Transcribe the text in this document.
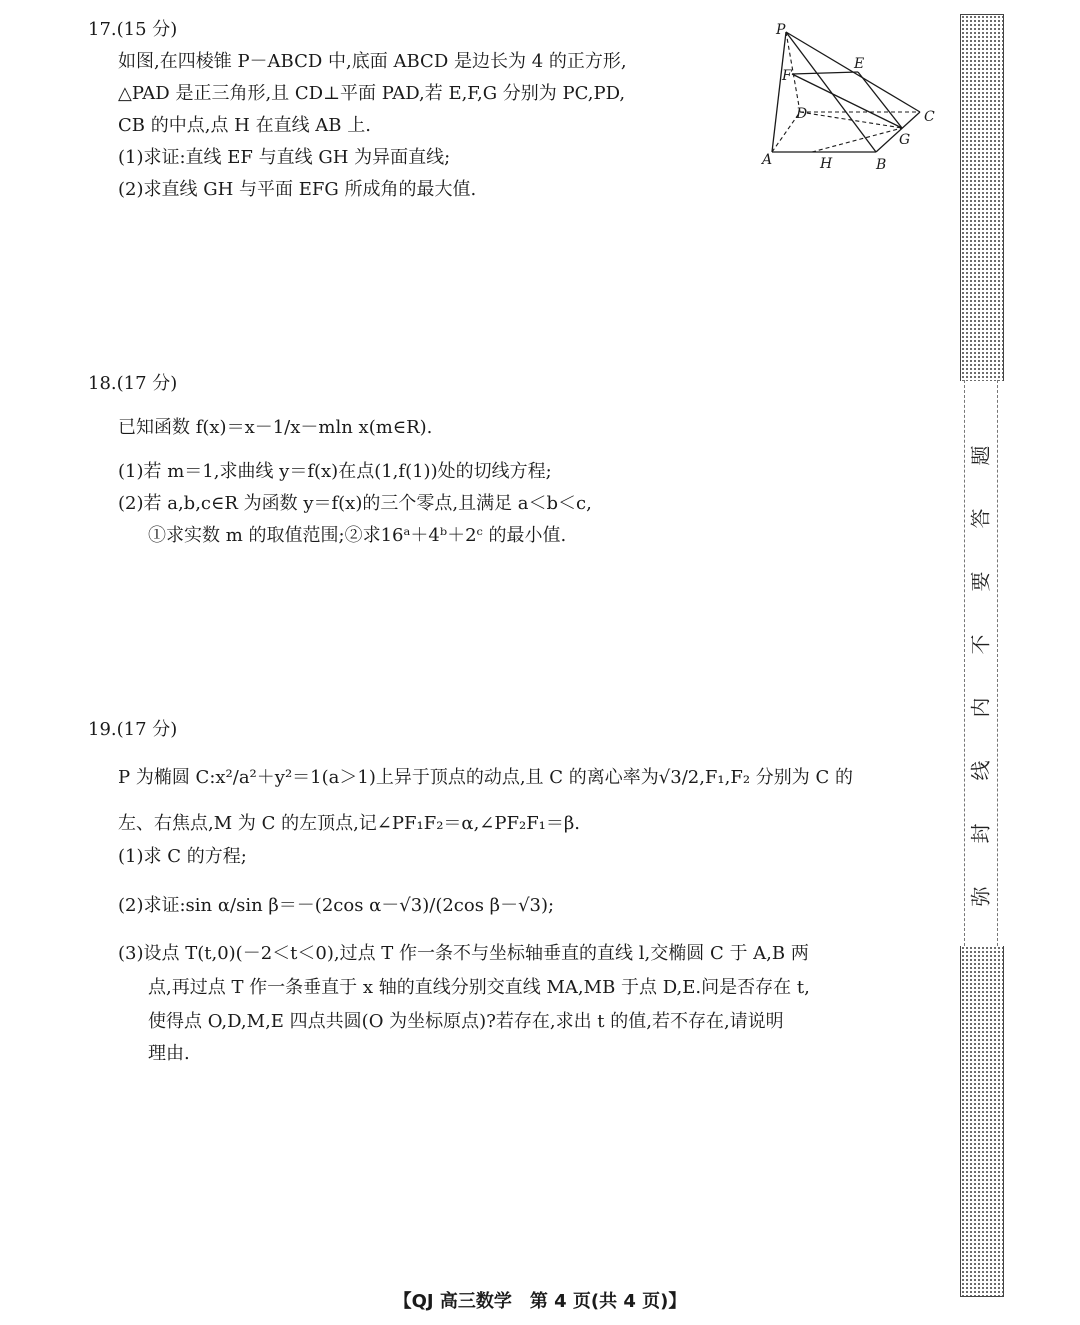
17.(15 分)
如图,在四棱锥 P－ABCD 中,底面 ABCD 是边长为 4 的正方形,
△PAD 是正三角形,且 CD⊥平面 PAD,若 E,F,G 分别为 PC,PD,
CB 的中点,点 H 在直线 AB 上.
(1)求证:直线 EF 与直线 GH 为异面直线;
(2)求直线 GH 与平面 EFG 所成角的最大值.
P
E
F
D	C
G
A	H	B
18.(17 分)
已知函数 f(x)＝x－1/x－mln x(m∈R).
(1)若 m＝1,求曲线 y＝f(x)在点(1,f(1))处的切线方程;
(2)若 a,b,c∈R 为函数 y＝f(x)的三个零点,且满足 a＜b＜c,
①求实数 m 的取值范围;②求16ᵃ＋4ᵇ＋2ᶜ 的最小值.
19.(17 分)
P 为椭圆 C:x²/a²＋y²＝1(a＞1)上异于顶点的动点,且 C 的离心率为√3/2,F₁,F₂ 分别为 C 的
左、右焦点,M 为 C 的左顶点,记∠PF₁F₂＝α,∠PF₂F₁＝β.
(1)求 C 的方程;
(2)求证:sin α/sin β＝－(2cos α－√3)/(2cos β－√3);
(3)设点 T(t,0)(－2＜t＜0),过点 T 作一条不与坐标轴垂直的直线 l,交椭圆 C 于 A,B 两
点,再过点 T 作一条垂直于 x 轴的直线分别交直线 MA,MB 于点 D,E.问是否存在 t,
使得点 O,D,M,E 四点共圆(O 为坐标原点)?若存在,求出 t 的值,若不存在,请说明
理由.
题
答
要
不
内
线
封
弥
【QJ 高三数学　第 4 页(共 4 页)】
